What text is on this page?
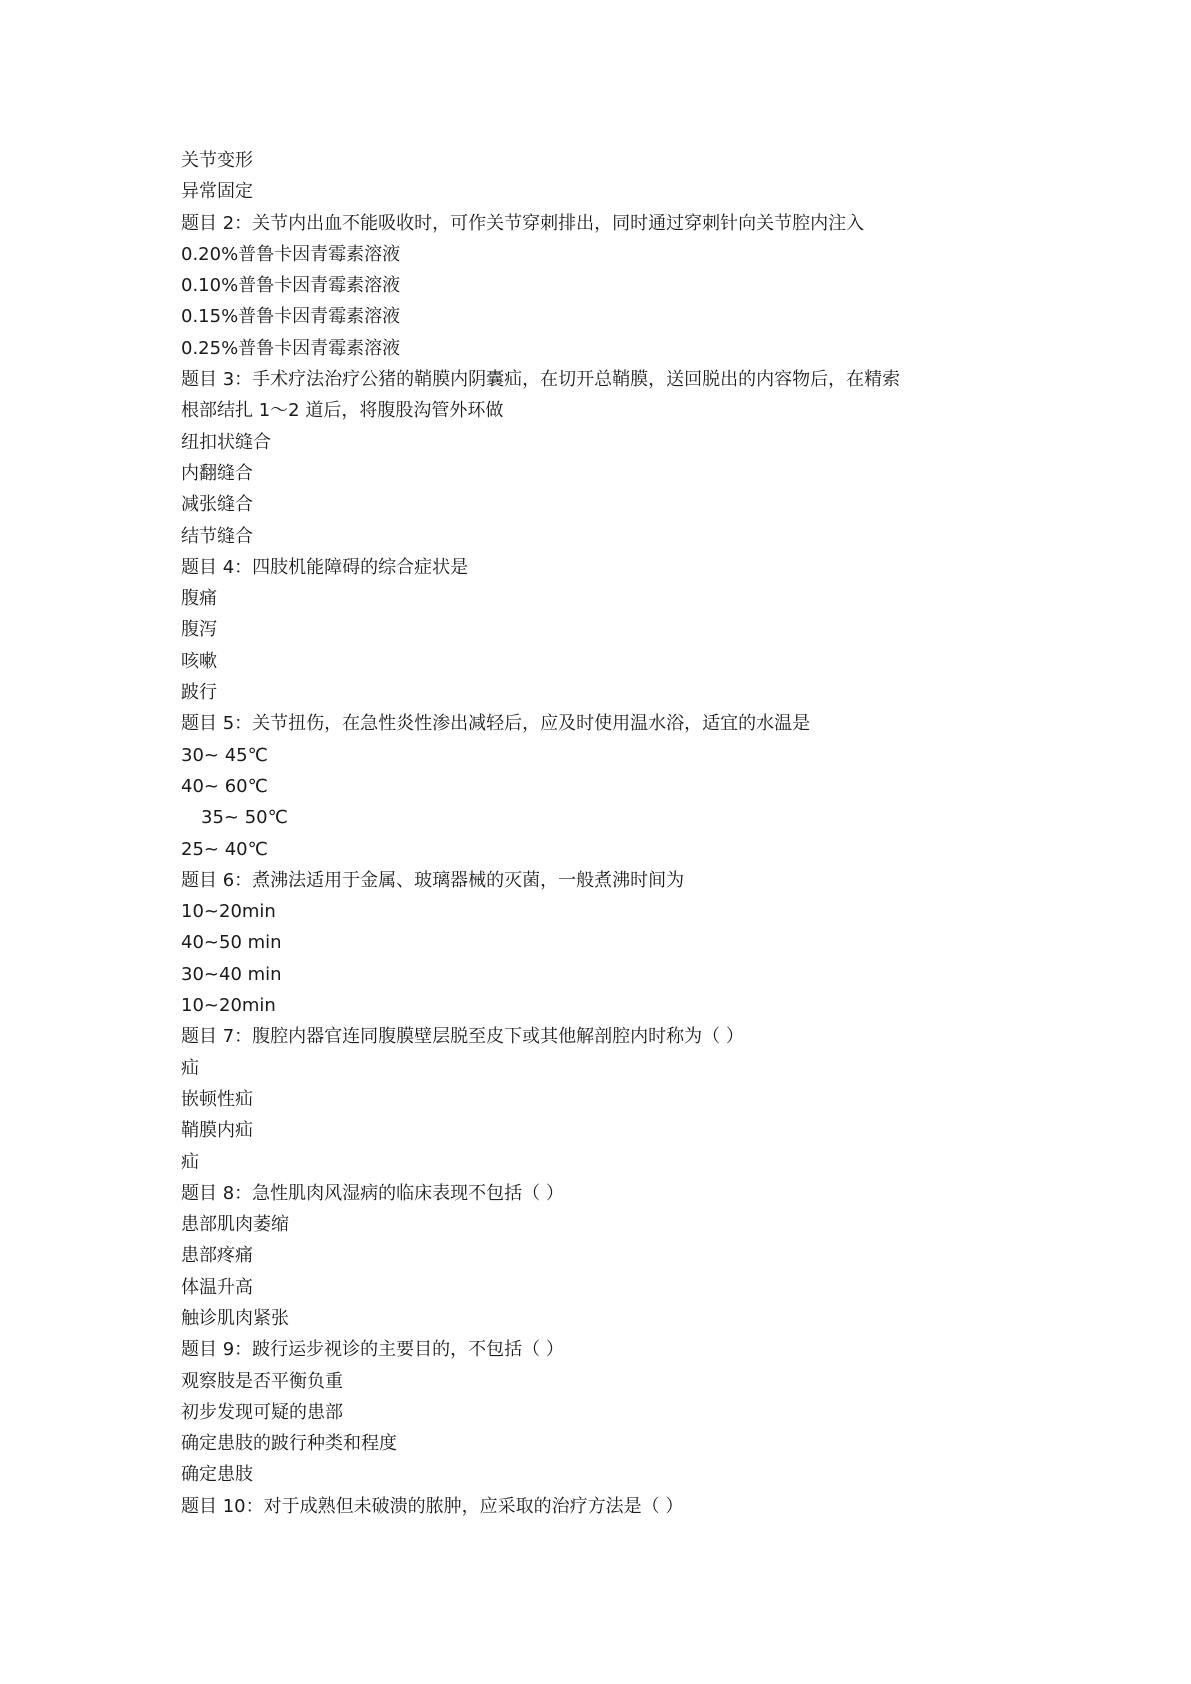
关节变形
异常固定
题目 2：关节内出血不能吸收时，可作关节穿刺排出，同时通过穿刺针向关节腔内注入
0.20%普鲁卡因青霉素溶液
0.10%普鲁卡因青霉素溶液
0.15%普鲁卡因青霉素溶液
0.25%普鲁卡因青霉素溶液
题目 3：手术疗法治疗公猪的鞘膜内阴囊疝，在切开总鞘膜，送回脱出的内容物后，在精索
根部结扎 1～2 道后，将腹股沟管外环做
纽扣状缝合
内翻缝合
减张缝合
结节缝合
题目 4：四肢机能障碍的综合症状是
腹痛
腹泻
咳嗽
跛行
题目 5：关节扭伤，在急性炎性渗出减轻后，应及时使用温水浴，适宜的水温是
30~ 45℃
40~ 60℃
35~ 50℃
25~ 40℃
题目 6：煮沸法适用于金属、玻璃器械的灭菌，一般煮沸时间为
10~20min
40~50 min
30~40 min
10~20min
题目 7：腹腔内器官连同腹膜壁层脱至皮下或其他解剖腔内时称为（ ）
疝
嵌顿性疝
鞘膜内疝
疝
题目 8：急性肌肉风湿病的临床表现不包括（ ）
患部肌肉萎缩
患部疼痛
体温升高
触诊肌肉紧张
题目 9：跛行运步视诊的主要目的，不包括（ ）
观察肢是否平衡负重
初步发现可疑的患部
确定患肢的跛行种类和程度
确定患肢
题目 10：对于成熟但未破溃的脓肿，应采取的治疗方法是（ ）
